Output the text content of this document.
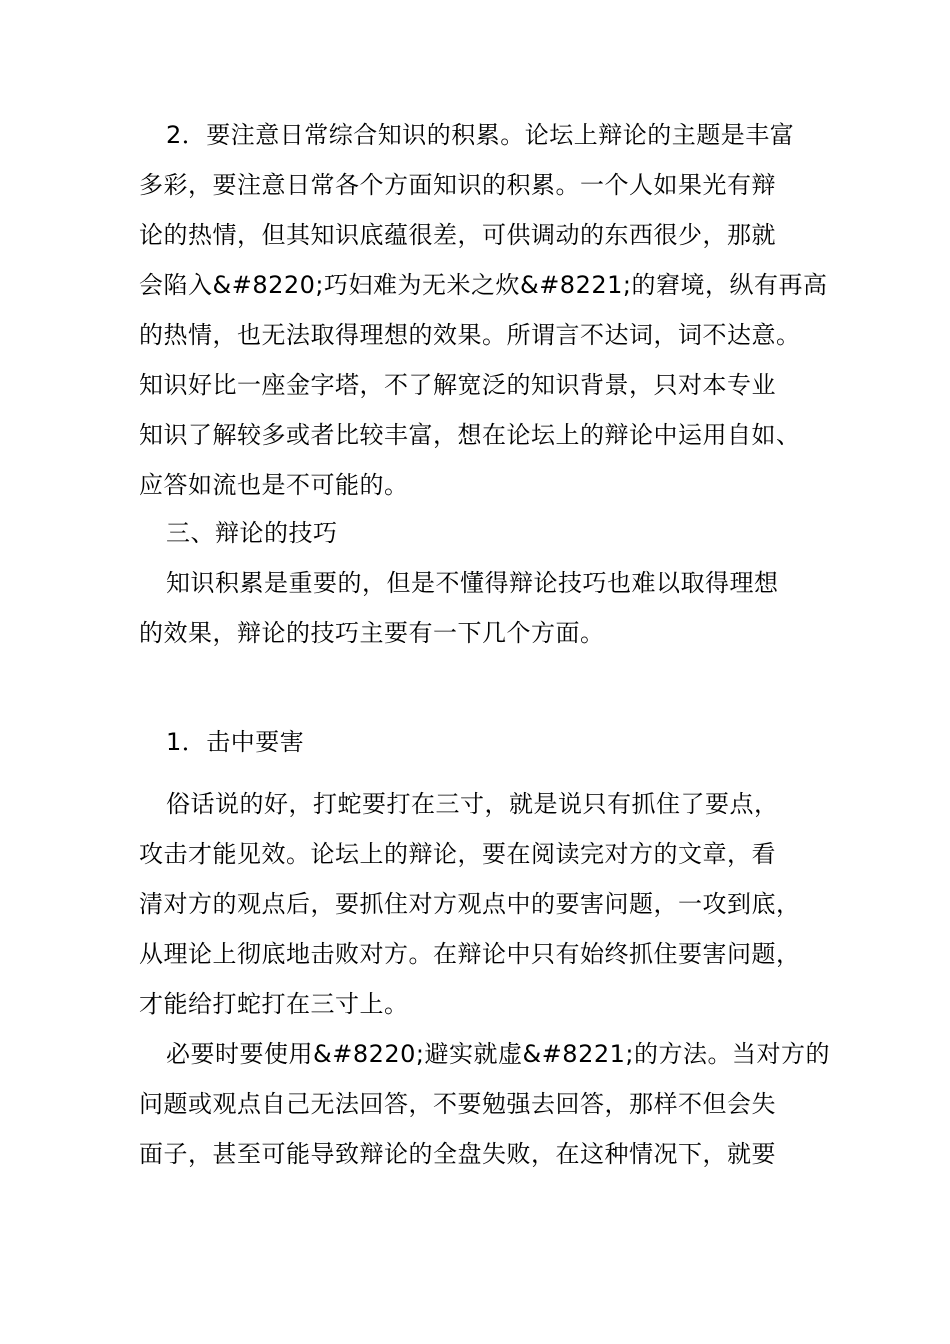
2．要注意日常综合知识的积累。论坛上辩论的主题是丰富
多彩，要注意日常各个方面知识的积累。一个人如果光有辩
论的热情，但其知识底蕴很差，可供调动的东西很少，那就
会陷入&#8220;巧妇难为无米之炊&#8221;的窘境，纵有再高
的热情，也无法取得理想的效果。所谓言不达词，词不达意。
知识好比一座金字塔，不了解宽泛的知识背景，只对本专业
知识了解较多或者比较丰富，想在论坛上的辩论中运用自如、
应答如流也是不可能的。
三、辩论的技巧
知识积累是重要的，但是不懂得辩论技巧也难以取得理想
的效果，辩论的技巧主要有一下几个方面。
1．击中要害
俗话说的好，打蛇要打在三寸，就是说只有抓住了要点，
攻击才能见效。论坛上的辩论，要在阅读完对方的文章，看
清对方的观点后，要抓住对方观点中的要害问题，一攻到底，
从理论上彻底地击败对方。在辩论中只有始终抓住要害问题，
才能给打蛇打在三寸上。
必要时要使用&#8220;避实就虚&#8221;的方法。当对方的
问题或观点自己无法回答，不要勉强去回答，那样不但会失
面子，甚至可能导致辩论的全盘失败，在这种情况下，就要
